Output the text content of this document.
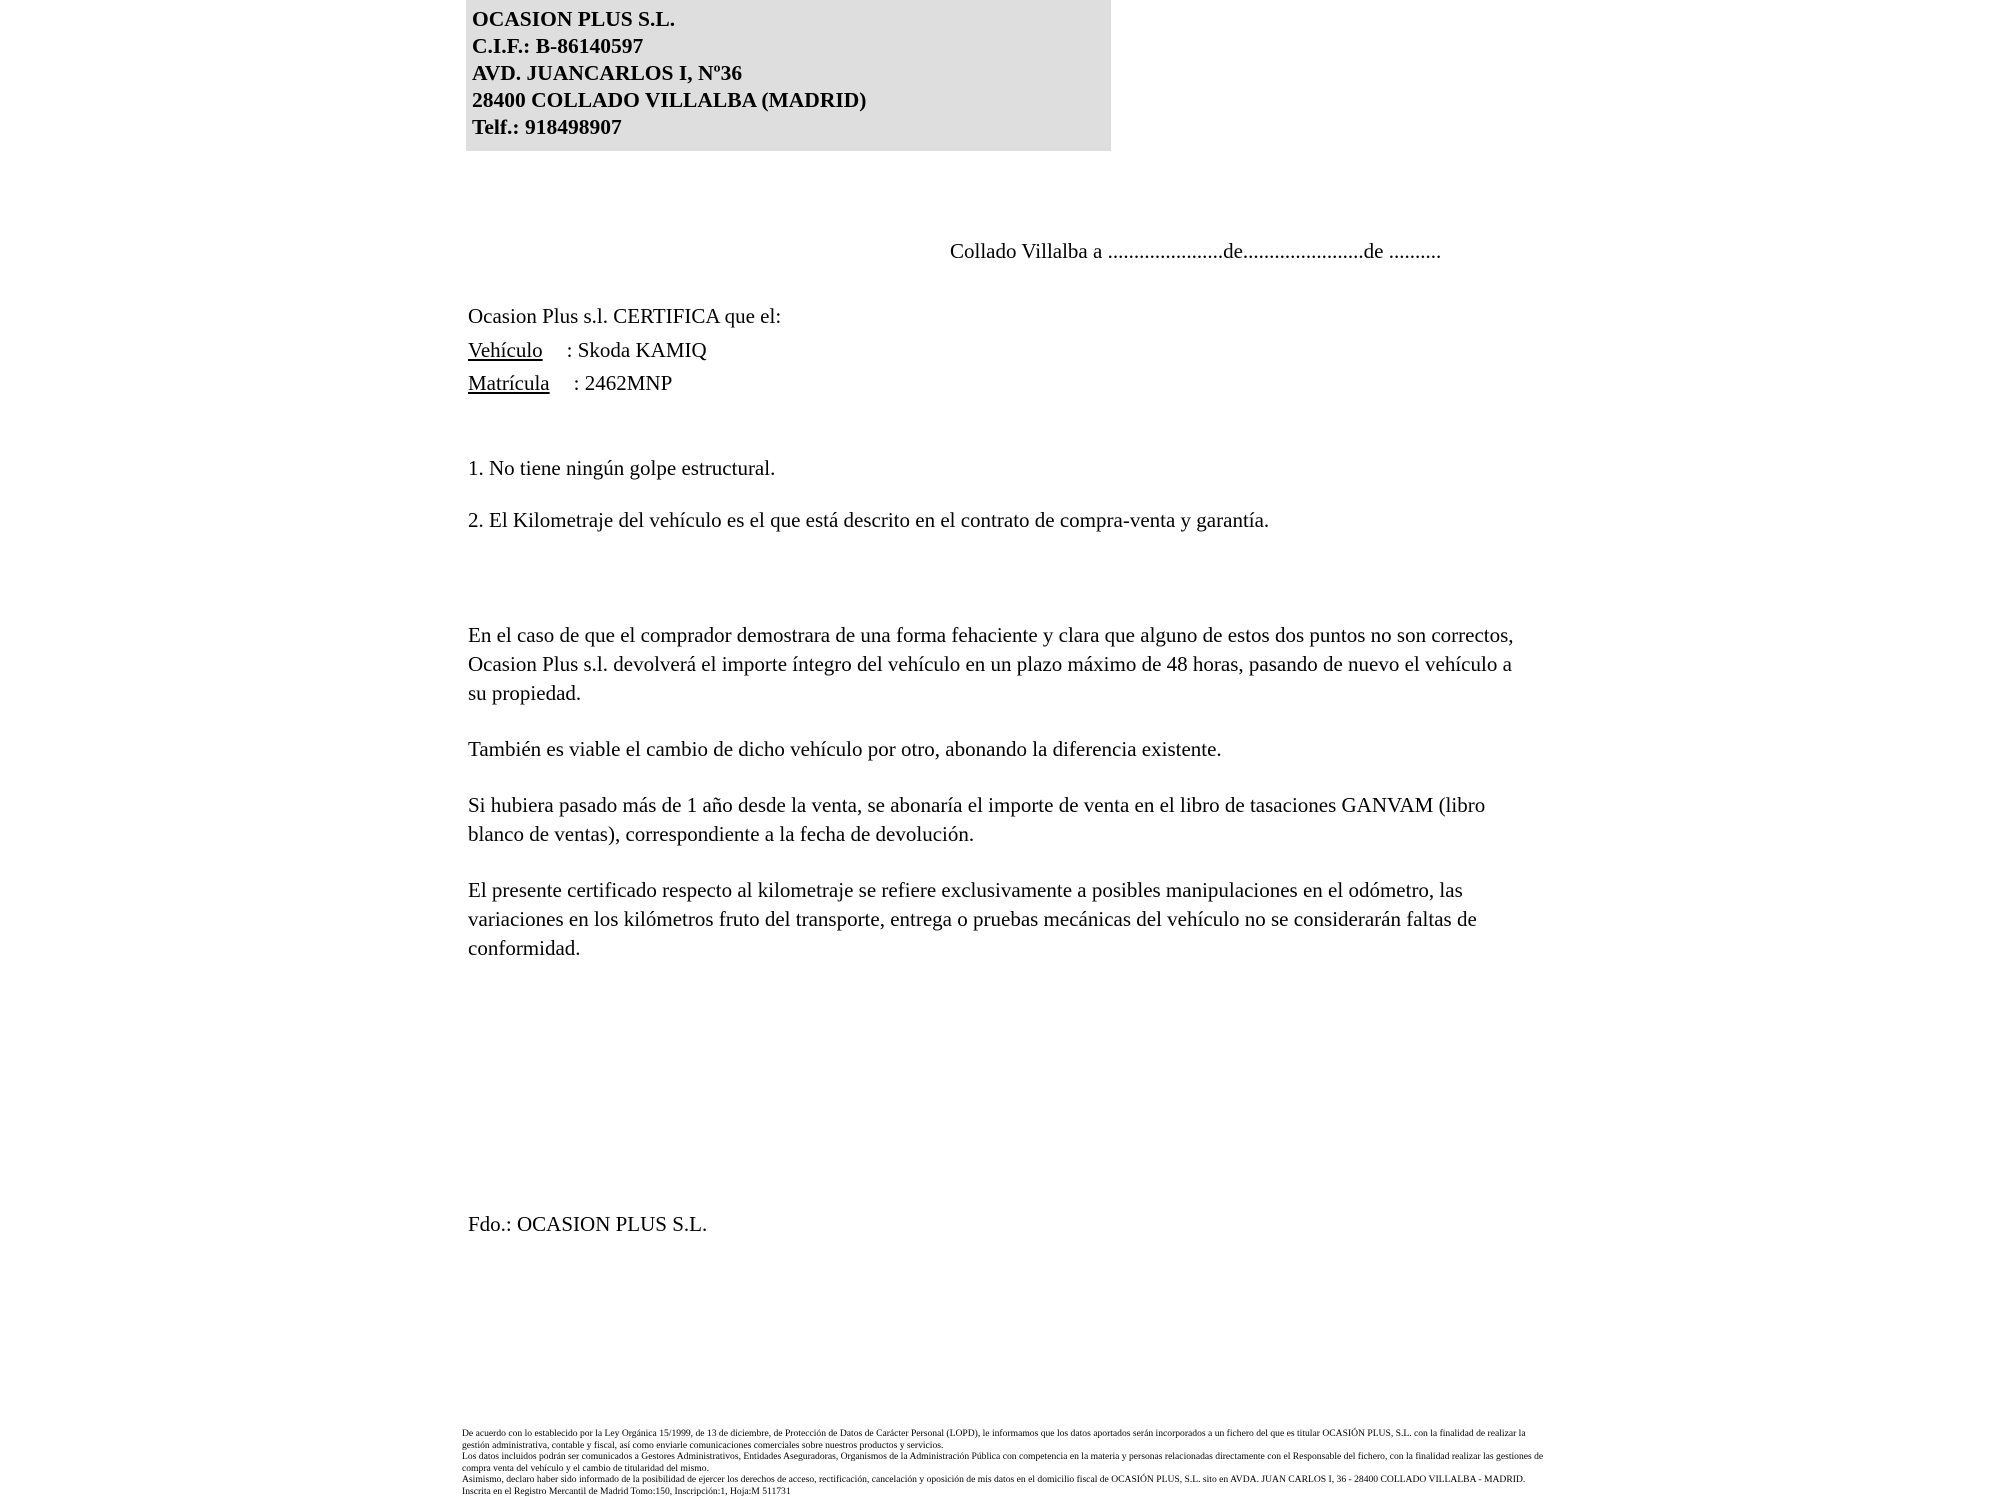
OCASION PLUS S.L.
C.I.F.: B-86140597
AVD. JUANCARLOS I, Nº36
28400 COLLADO VILLALBA (MADRID)
Telf.: 918498907
Collado Villalba a ......................de.......................de ..........
Ocasion Plus s.l. CERTIFICA que el:
Vehículo : Skoda KAMIQ
Matrícula : 2462MNP
1. No tiene ningún golpe estructural.
2. El Kilometraje del vehículo es el que está descrito en el contrato de compra-venta y garantía.

En el caso de que el comprador demostrara de una forma fehaciente y clara que alguno de estos dos puntos no son correctos, Ocasion Plus s.l. devolverá el importe íntegro del vehículo en un plazo máximo de 48 horas, pasando de nuevo el vehículo a su propiedad.

También es viable el cambio de dicho vehículo por otro, abonando la diferencia existente.

Si hubiera pasado más de 1 año desde la venta, se abonaría el importe de venta en el libro de tasaciones GANVAM (libro blanco de ventas), correspondiente a la fecha de devolución.

El presente certificado respecto al kilometraje se refiere exclusivamente a posibles manipulaciones en el odómetro, las variaciones en los kilómetros fruto del transporte, entrega o pruebas mecánicas del vehículo no se considerarán faltas de conformidad.

Fdo.: OCASION PLUS S.L.

De acuerdo con lo establecido por la Ley Orgánica 15/1999, de 13 de diciembre, de Protección de Datos de Carácter Personal (LOPD), le informamos que los datos aportados serán incorporados a un fichero del que es titular OCASIÓN PLUS, S.L. con la finalidad de realizar la gestión administrativa, contable y fiscal, así como enviarle comunicaciones comerciales sobre nuestros productos y servicios.

Los datos incluidos podrán ser comunicados a Gestores Administrativos, Entidades Aseguradoras, Organismos de la Administración Pública con competencia en la materia y personas relacionadas directamente con el Responsable del fichero, con la finalidad realizar las gestiones de compra venta del vehículo y el cambio de titularidad del mismo.

Asimismo, declaro haber sido informado de la posibilidad de ejercer los derechos de acceso, rectificación, cancelación y oposición de mis datos en el domicilio fiscal de OCASIÓN PLUS, S.L. sito en AVDA. JUAN CARLOS I, 36 - 28400 COLLADO VILLALBA - MADRID. Inscrita en el Registro Mercantil de Madrid Tomo:150, Inscripción:1, Hoja:M 511731
